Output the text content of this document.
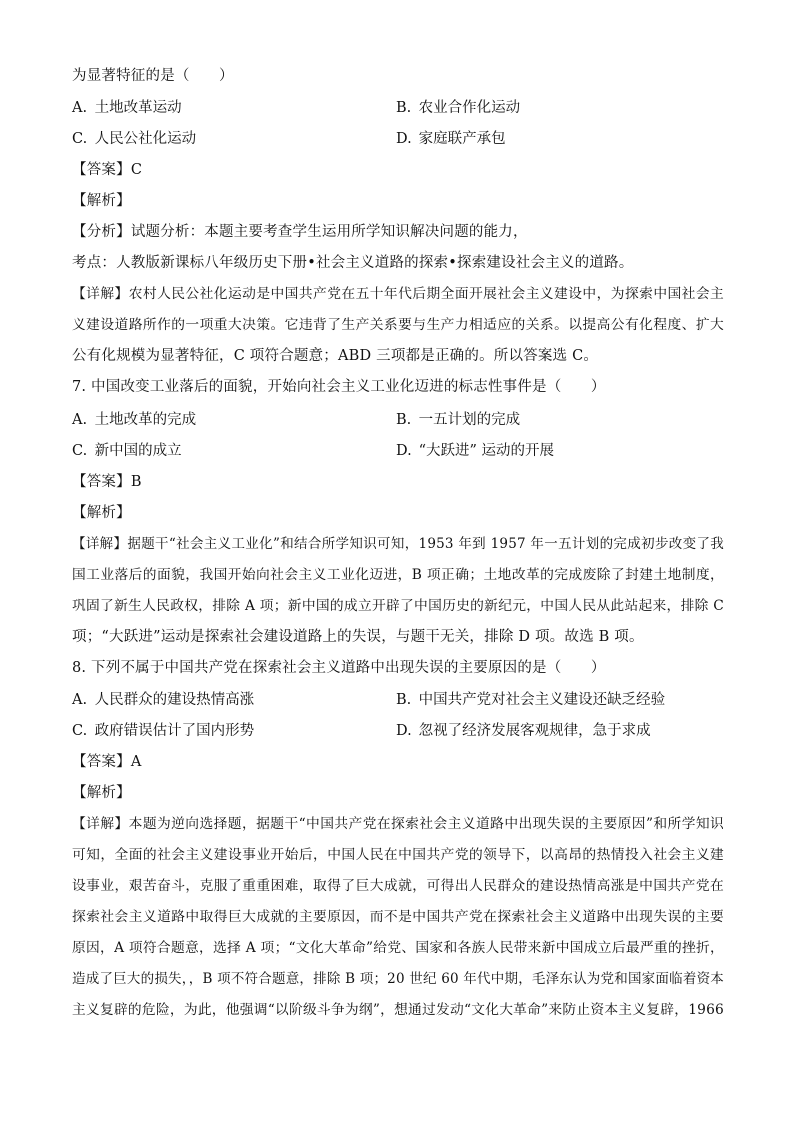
为显著特征的是（　　）
A. 土地改革运动	B. 农业合作化运动
C. 人民公社化运动	D. 家庭联产承包
【答案】C
【解析】
【分析】试题分析：本题主要考查学生运用所学知识解决问题的能力，
考点：人教版新课标八年级历史下册•社会主义道路的探索•探索建设社会主义的道路。
【详解】农村人民公社化运动是中国共产党在五十年代后期全面开展社会主义建设中，为探索中国社会主
义建设道路所作的一项重大决策。它违背了生产关系要与生产力相适应的关系。以提高公有化程度、扩大
公有化规模为显著特征，C 项符合题意；ABD 三项都是正确的。所以答案选 C。
7. 中国改变工业落后的面貌，开始向社会主义工业化迈进的标志性事件是（　　）
A. 土地改革的完成	B. 一五计划的完成
C. 新中国的成立	D. “大跃进” 运动的开展
【答案】B
【解析】
【详解】据题干“社会主义工业化”和结合所学知识可知，1953 年到 1957 年一五计划的完成初步改变了我
国工业落后的面貌，我国开始向社会主义工业化迈进，B 项正确；土地改革的完成废除了封建土地制度，
巩固了新生人民政权，排除 A 项；新中国的成立开辟了中国历史的新纪元，中国人民从此站起来，排除 C
项；“大跃进”运动是探索社会建设道路上的失误，与题干无关，排除 D 项。故选 B 项。
8. 下列不属于中国共产党在探索社会主义道路中出现失误的主要原因的是（　　）
A. 人民群众的建设热情高涨	B. 中国共产党对社会主义建设还缺乏经验
C. 政府错误估计了国内形势	D. 忽视了经济发展客观规律，急于求成
【答案】A
【解析】
【详解】本题为逆向选择题，据题干“中国共产党在探索社会主义道路中出现失误的主要原因”和所学知识
可知，全面的社会主义建设事业开始后，中国人民在中国共产党的领导下，以高昂的热情投入社会主义建
设事业，艰苦奋斗，克服了重重困难，取得了巨大成就，可得出人民群众的建设热情高涨是中国共产党在
探索社会主义道路中取得巨大成就的主要原因，而不是中国共产党在探索社会主义道路中出现失误的主要
原因，A 项符合题意，选择 A 项；“文化大革命”给党、国家和各族人民带来新中国成立后最严重的挫折，
造成了巨大的损失，，B 项不符合题意，排除 B 项；20 世纪 60 年代中期，毛泽东认为党和国家面临着资本
主义复辟的危险，为此，他强调“以阶级斗争为纲”，想通过发动“文化大革命”来防止资本主义复辟，1966
